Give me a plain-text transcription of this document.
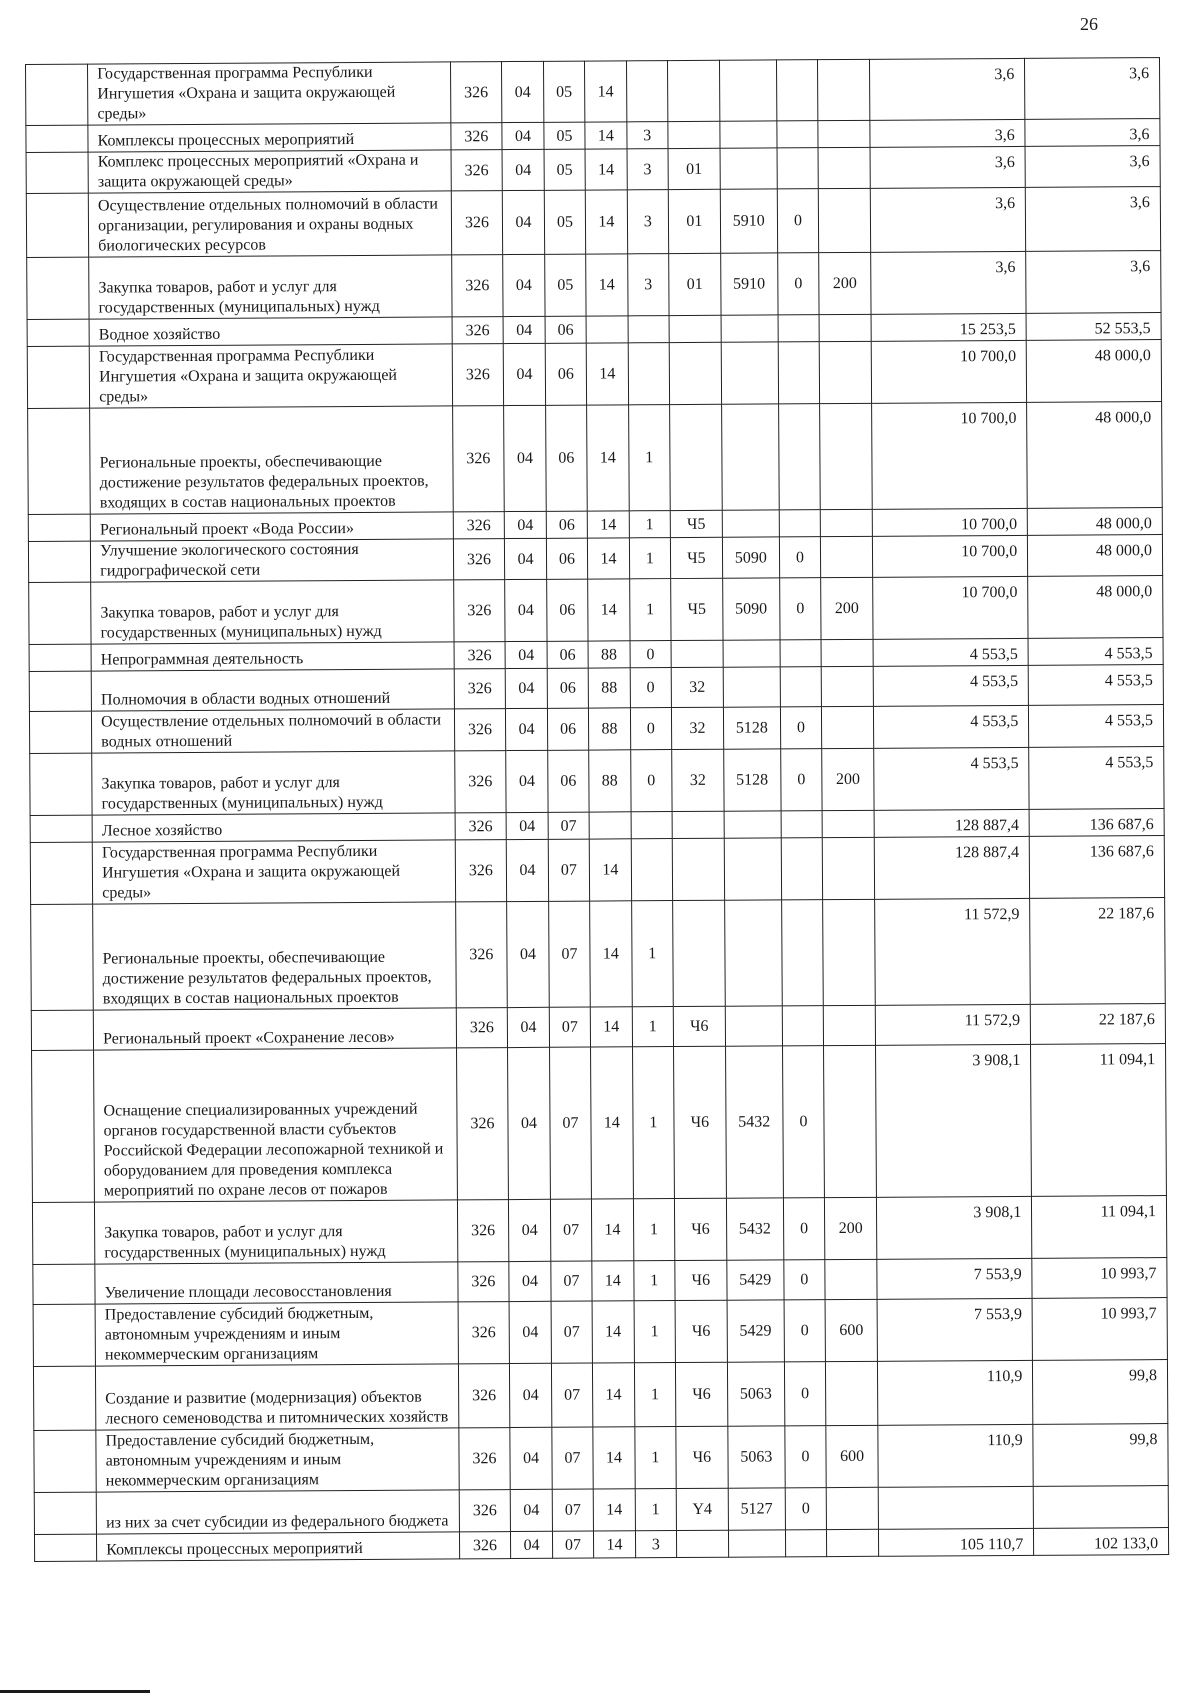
26
	Государственная программа Республики Ингушетия «Охрана и защита окружающей среды»	326	04	05	14						3,6	3,6
	Комплексы процессных мероприятий	326	04	05	14	3					3,6	3,6
	Комплекс процессных мероприятий «Охрана и защита окружающей среды»	326	04	05	14	3	01				3,6	3,6
	Осуществление отдельных полномочий в области организации, регулирования и охраны водных биологических ресурсов	326	04	05	14	3	01	5910	0		3,6	3,6
	Закупка товаров, работ и услуг для государственных (муниципальных) нужд	326	04	05	14	3	01	5910	0	200	3,6	3,6
	Водное хозяйство	326	04	06							15 253,5	52 553,5
	Государственная программа Республики Ингушетия «Охрана и защита окружающей среды»	326	04	06	14						10 700,0	48 000,0
	Региональные проекты, обеспечивающие достижение результатов федеральных проектов, входящих в состав национальных проектов	326	04	06	14	1					10 700,0	48 000,0
	Региональный проект «Вода России»	326	04	06	14	1	Ч5				10 700,0	48 000,0
	Улучшение экологического состояния гидрографической сети	326	04	06	14	1	Ч5	5090	0		10 700,0	48 000,0
	Закупка товаров, работ и услуг для государственных (муниципальных) нужд	326	04	06	14	1	Ч5	5090	0	200	10 700,0	48 000,0
	Непрограммная деятельность	326	04	06	88	0					4 553,5	4 553,5
	Полномочия в области водных отношений	326	04	06	88	0	32				4 553,5	4 553,5
	Осуществление отдельных полномочий в области водных отношений	326	04	06	88	0	32	5128	0		4 553,5	4 553,5
	Закупка товаров, работ и услуг для государственных (муниципальных) нужд	326	04	06	88	0	32	5128	0	200	4 553,5	4 553,5
	Лесное хозяйство	326	04	07							128 887,4	136 687,6
	Государственная программа Республики Ингушетия «Охрана и защита окружающей среды»	326	04	07	14						128 887,4	136 687,6
	Региональные проекты, обеспечивающие достижение результатов федеральных проектов, входящих в состав национальных проектов	326	04	07	14	1					11 572,9	22 187,6
	Региональный проект «Сохранение лесов»	326	04	07	14	1	Ч6				11 572,9	22 187,6
	Оснащение специализированных учреждений органов государственной власти субъектов Российской Федерации лесопожарной техникой и оборудованием для проведения комплекса мероприятий по охране лесов от пожаров	326	04	07	14	1	Ч6	5432	0		3 908,1	11 094,1
	Закупка товаров, работ и услуг для государственных (муниципальных) нужд	326	04	07	14	1	Ч6	5432	0	200	3 908,1	11 094,1
	Увеличение площади лесовосстановления	326	04	07	14	1	Ч6	5429	0		7 553,9	10 993,7
	Предоставление субсидий бюджетным, автономным учреждениям и иным некоммерческим организациям	326	04	07	14	1	Ч6	5429	0	600	7 553,9	10 993,7
	Создание и развитие (модернизация) объектов лесного семеноводства и питомнических хозяйств	326	04	07	14	1	Ч6	5063	0		110,9	99,8
	Предоставление субсидий бюджетным, автономным учреждениям и иным некоммерческим организациям	326	04	07	14	1	Ч6	5063	0	600	110,9	99,8
	из них за счет субсидии из федерального бюджета	326	04	07	14	1	Y4	5127	0			
	Комплексы процессных мероприятий	326	04	07	14	3					105 110,7	102 133,0
